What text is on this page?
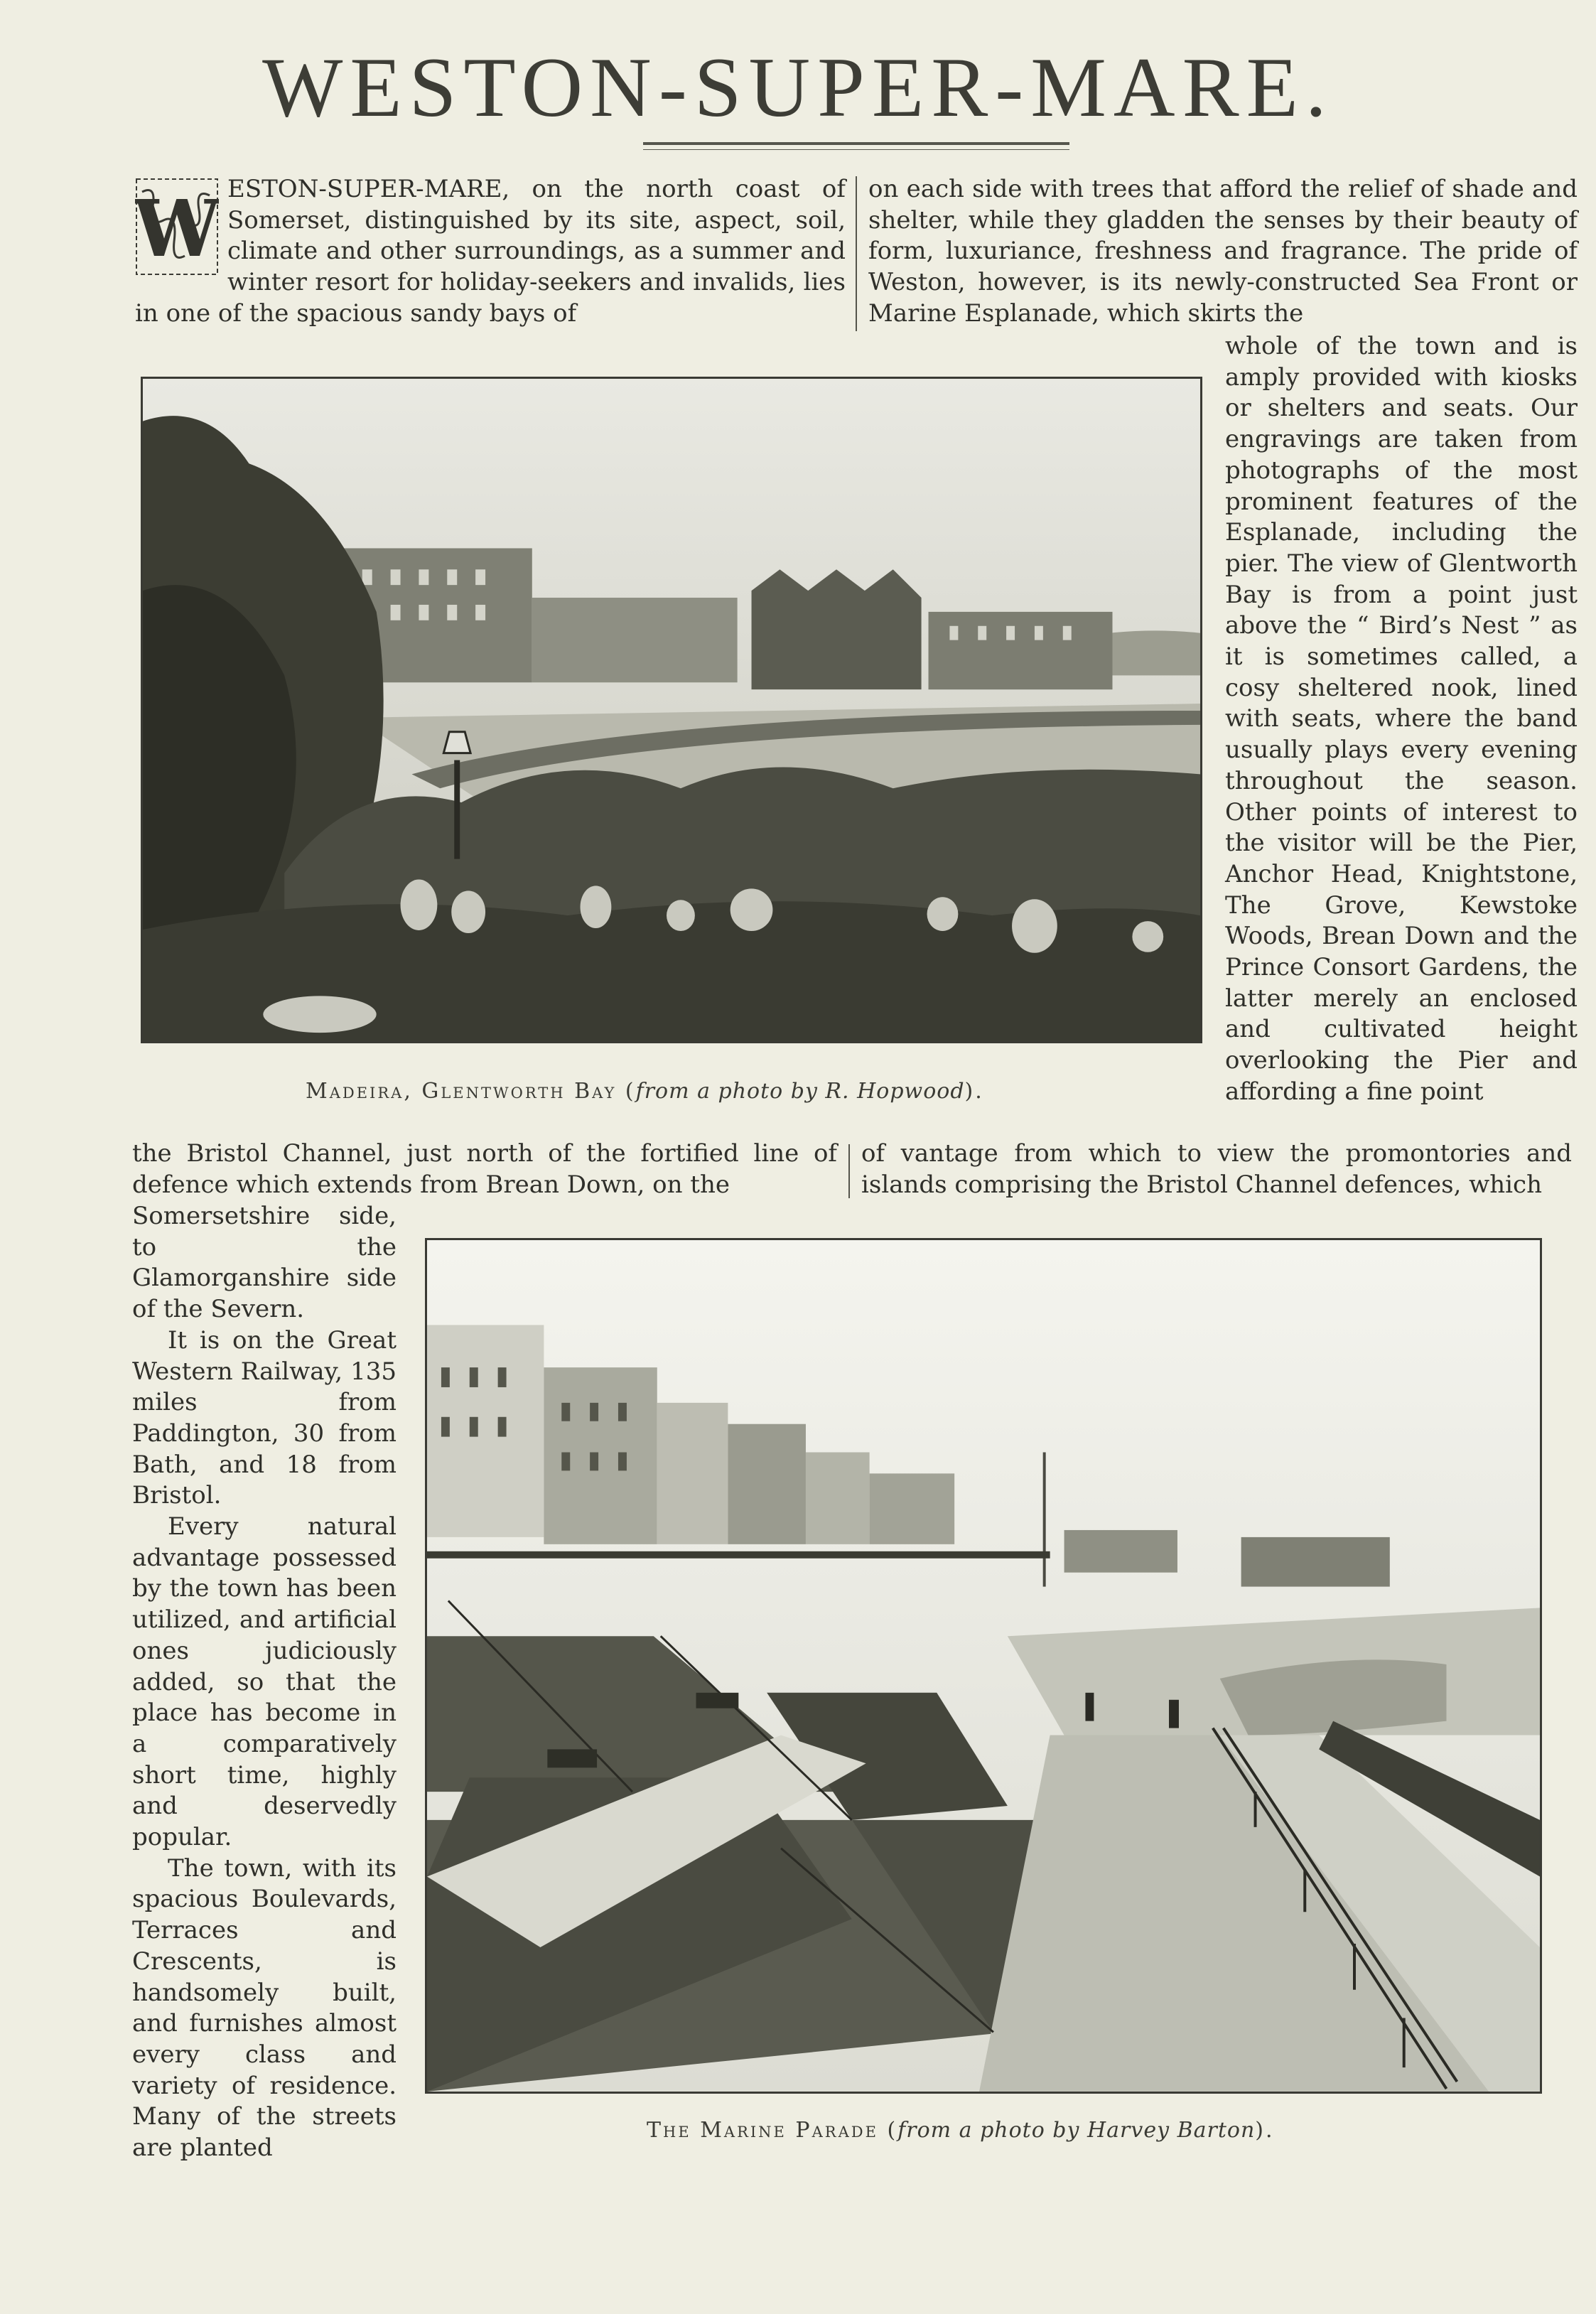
WESTON-SUPER-MARE.
W ESTON-SUPER-MARE, on the north coast of Somerset, distinguished by its site, aspect, soil, climate and other surroundings, as a summer and winter resort for holiday-seekers and invalids, lies in one of the spacious sandy bays of
on each side with trees that afford the relief of shade and shelter, while they gladden the senses by their beauty of form, luxuriance, freshness and fragrance. The pride of Weston, however, is its newly-constructed Sea Front or Marine Esplanade, which skirts the
whole of the town and is amply provided with kiosks or shelters and seats. Our engravings are taken from photographs of the most prominent features of the Esplanade, including the pier. The view of Glentworth Bay is from a point just above the “ Bird’s Nest ” as it is sometimes called, a cosy sheltered nook, lined with seats, where the band usually plays every evening throughout the season. Other points of interest to the visitor will be the Pier, Anchor Head, Knightstone, The Grove, Kewstoke Woods, Brean Down and the Prince Consort Gardens, the latter merely an enclosed and cultivated height overlooking the Pier and affording a fine point
Madeira, Glentworth Bay (from a photo by R. Hopwood).
the Bristol Channel, just north of the fortified line of defence which extends from Brean Down, on the
of vantage from which to view the promontories and islands comprising the Bristol Channel defences, which

Somersetshire side, to the Glamorganshire side of the Severn.

It is on the Great Western Railway, 135 miles from Paddington, 30 from Bath, and 18 from Bristol.

Every natural advantage possessed by the town has been utilized, and artificial ones judiciously added, so that the place has become in a comparatively short time, highly and deservedly popular.

The town, with its spacious Boulevards, Terraces and Crescents, is handsomely built, and furnishes almost every class and variety of residence. Many of the streets are planted

The Marine Parade (from a photo by Harvey Barton).
